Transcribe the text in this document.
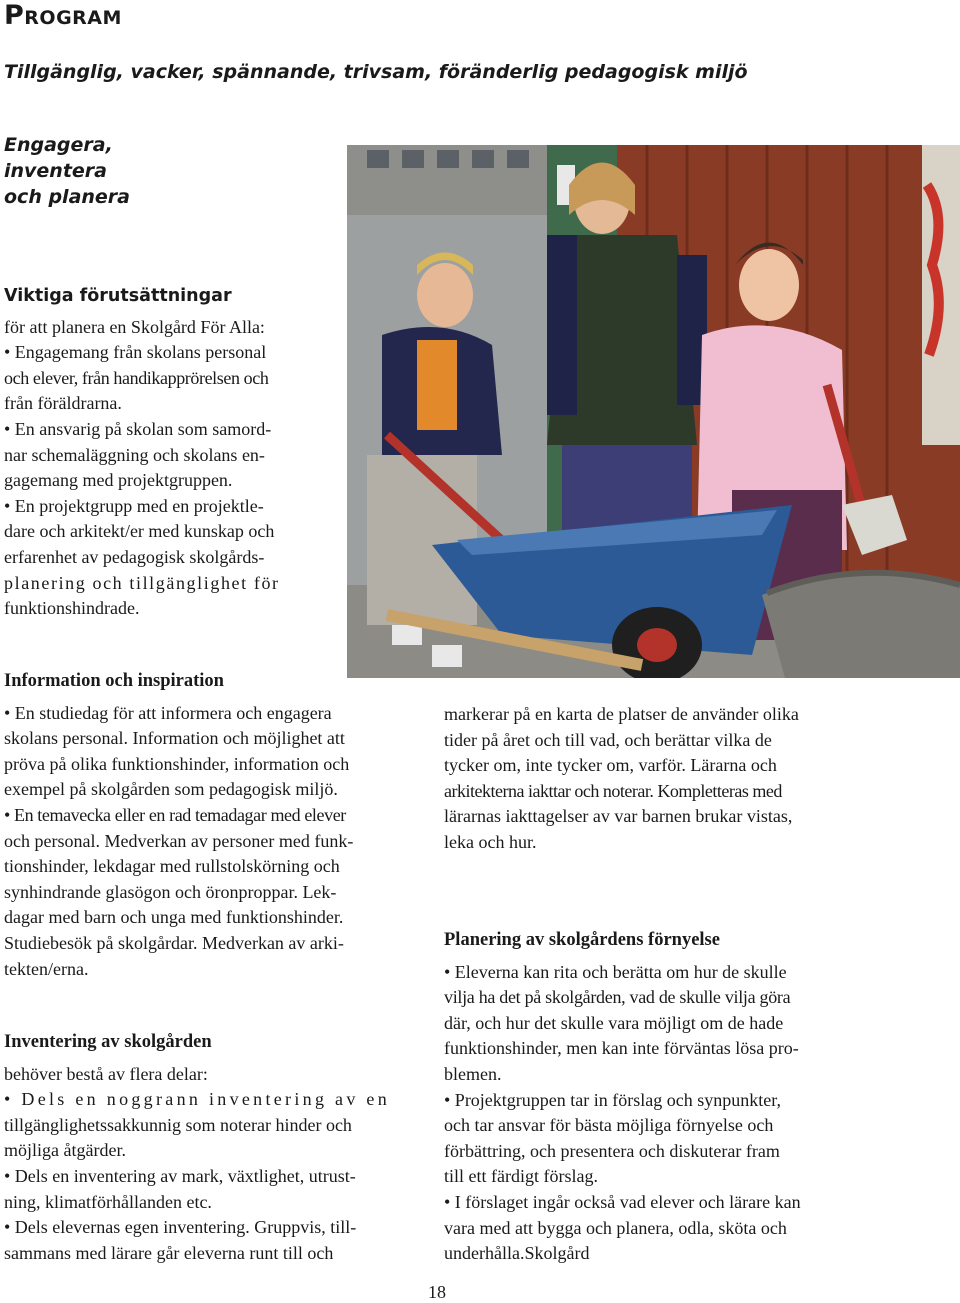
Program
Tillgänglig, vacker, spännande, trivsam, föränderlig pedagogisk miljö
Engagera,
inventera
och planera

Viktiga förutsättningar

för att planera en Skolgård För Alla:

• Engagemang från skolans personal

och elever, från handikapprörelsen och

från föräldrarna.

• En ansvarig på skolan som samord-

nar schemaläggning och skolans en-

gagemang med projektgruppen.

• En projektgrupp med en projektle-

dare och arkitekt/er med kunskap och

erfarenhet av pedagogisk skolgårds-

planering och tillgänglighet för

funktionshindrade.

Information och inspiration

• En studiedag för att informera och engagera

skolans personal. Information och möjlighet att

pröva på olika funktionshinder, information och

exempel på skolgården som pedagogisk miljö.

• En temavecka eller en rad temadagar med elever

och personal. Medverkan av personer med funk-

tionshinder, lekdagar med rullstolskörning och

synhindrande glasögon och öronproppar. Lek-

dagar med barn och unga med funktionshinder.

Studiebesök på skolgårdar. Medverkan av arki-

tekten/erna.

Inventering av skolgården

behöver bestå av flera delar:

• Dels en noggrann inventering av en

tillgänglighetssakkunnig som noterar hinder och

möjliga åtgärder.

• Dels en inventering av mark, växtlighet, utrust-

ning, klimatförhållanden etc.

• Dels elevernas egen inventering. Gruppvis, till-

sammans med lärare går eleverna runt till och

markerar på en karta de platser de använder olika

tider på året och till vad, och berättar vilka de

tycker om, inte tycker om, varför. Lärarna och

arkitekterna iakttar och noterar. Kompletteras med

lärarnas iakttagelser av var barnen brukar vistas,

leka och hur.

Planering av skolgårdens förnyelse

• Eleverna kan rita och berätta om hur de skulle

vilja ha det på skolgården, vad de skulle vilja göra

där, och hur det skulle vara möjligt om de hade

funktionshinder, men kan inte förväntas lösa pro-

blemen.

• Projektgruppen tar in förslag och synpunkter,

och tar ansvar för bästa möjliga förnyelse och

förbättring, och presentera och diskuterar fram

till ett färdigt förslag.

• I förslaget ingår också vad elever och lärare kan

vara med att bygga och planera, odla, sköta och

underhålla.Skolgård

18
